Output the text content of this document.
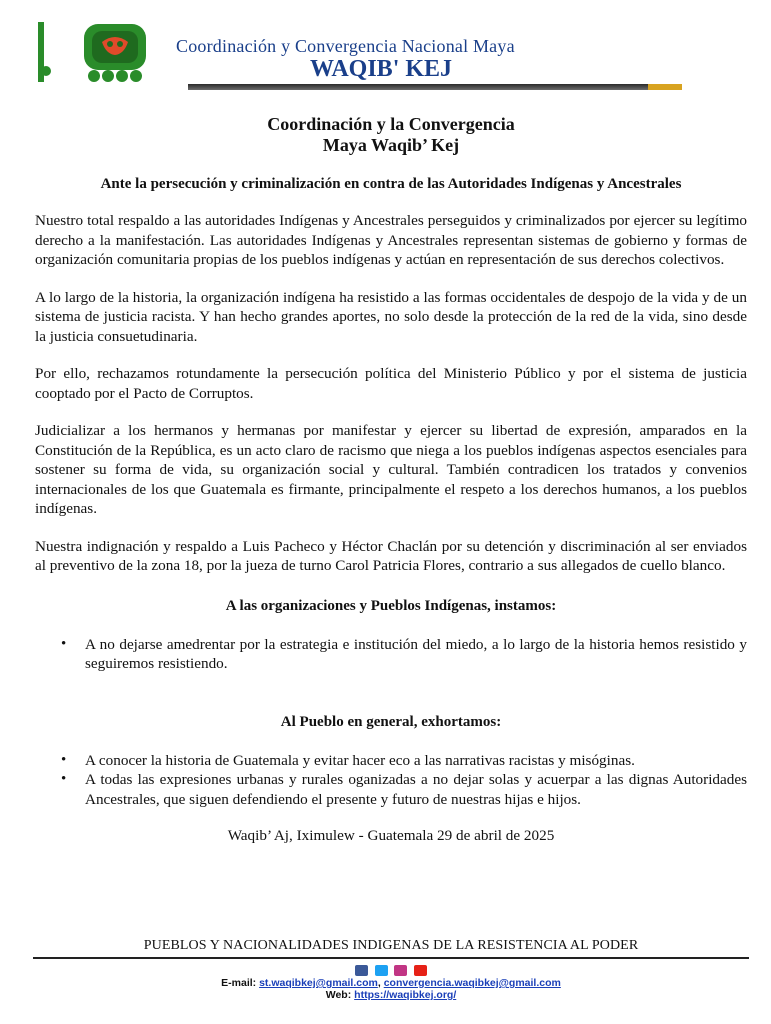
Coordinación y Convergencia Nacional Maya
WAQIB' KEJ
Coordinación y la Convergencia
Maya Waqib’ Kej
Ante la persecución y criminalización en contra de las Autoridades Indígenas y Ancestrales

Nuestro total respaldo a las autoridades Indígenas y Ancestrales perseguidos y criminalizados por ejercer su legítimo derecho a la manifestación. Las autoridades Indígenas y Ancestrales representan sistemas de gobierno y formas de organización comunitaria propias de los pueblos indígenas y actúan en representación de sus derechos colectivos.

A lo largo de la historia, la organización indígena ha resistido a las formas occidentales de despojo de la vida y de un sistema de justicia racista. Y han hecho grandes aportes, no solo desde la protección de la red de la vida, sino desde la justicia consuetudinaria.

Por ello, rechazamos rotundamente la persecución política del Ministerio Público y por el sistema de justicia cooptado por el Pacto de Corruptos.

Judicializar a los hermanos y hermanas por manifestar y ejercer su libertad de expresión, amparados en la Constitución de la República, es un acto claro de racismo que niega a los pueblos indígenas aspectos esenciales para sostener su forma de vida, su organización social y cultural. También contradicen los tratados y convenios internacionales de los que Guatemala es firmante, principalmente el respeto a los derechos humanos, a los pueblos indígenas.

Nuestra indignación y respaldo a Luis Pacheco y Héctor Chaclán por su detención y discriminación al ser enviados al preventivo de la zona 18, por la jueza de turno Carol Patricia Flores, contrario a sus allegados de cuello blanco.

A las organizaciones y Pueblos Indígenas, instamos:
• A no dejarse amedrentar por la estrategia e institución del miedo, a lo largo de la historia hemos resistido y seguiremos resistiendo.
Al Pueblo en general, exhortamos:
• A conocer la historia de Guatemala y evitar hacer eco a las narrativas racistas y misóginas.
• A todas las expresiones urbanas y rurales oganizadas a no dejar solas y acuerpar a las dignas Autoridades Ancestrales, que siguen defendiendo el presente y futuro de nuestras hijas e hijos.
Waqib’ Aj, Iximulew - Guatemala 29 de abril de 2025
PUEBLOS Y NACIONALIDADES INDIGENAS DE LA RESISTENCIA AL PODER

E-mail: st.waqibkej@gmail.com, convergencia.waqibkej@gmail.com
Web: https://waqibkej.org/
